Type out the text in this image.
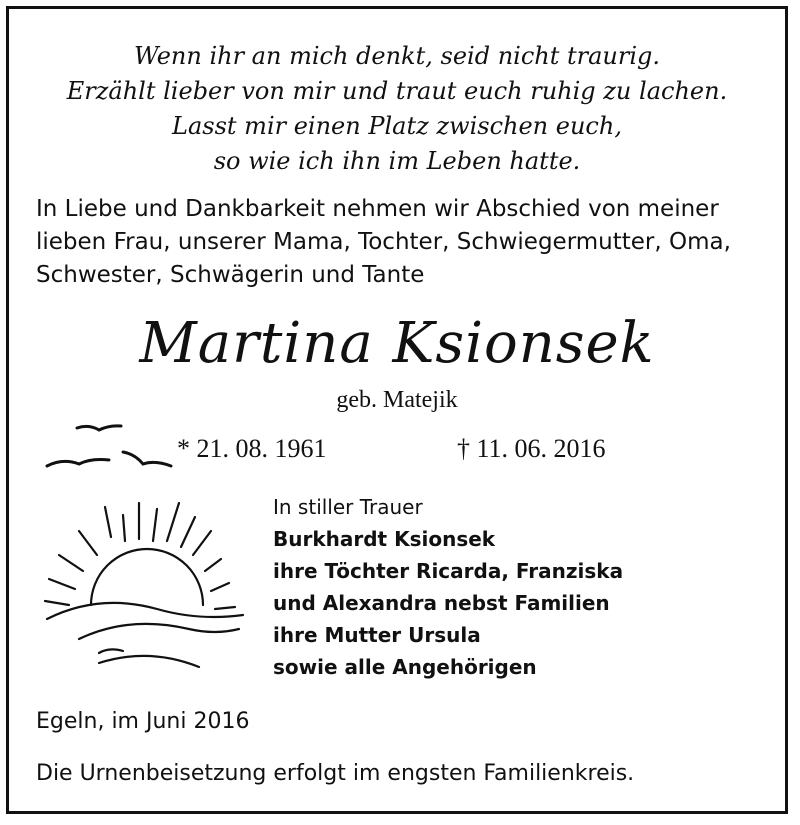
Wenn ihr an mich denkt, seid nicht traurig.
Erzählt lieber von mir und traut euch ruhig zu lachen.
Lasst mir einen Platz zwischen euch,
so wie ich ihn im Leben hatte.
In Liebe und Dankbarkeit nehmen wir Abschied von meiner
lieben Frau, unserer Mama, Tochter, Schwiegermutter, Oma,
Schwester, Schwägerin und Tante
Martina Ksionsek
geb. Matejik
* 21. 08. 1961	† 11. 06. 2016
In stiller Trauer
Burkhardt Ksionsek
ihre Töchter Ricarda, Franziska
und Alexandra nebst Familien
ihre Mutter Ursula
sowie alle Angehörigen
Egeln, im Juni 2016
Die Urnenbeisetzung erfolgt im engsten Familienkreis.
